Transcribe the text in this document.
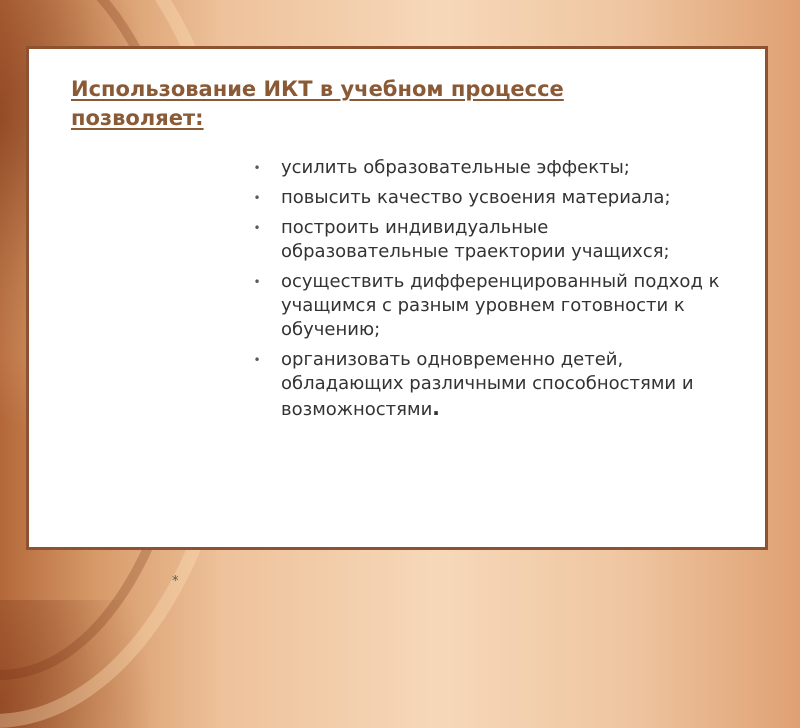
Использование ИКТ в учебном процессе позволяет:
• усилить образовательные эффекты;
• повысить качество усвоения материала;
• построить индивидуальные образовательные траектории учащихся;
• осуществить дифференцированный подход к учащимся с разным уровнем готовности к обучению;
• организовать одновременно детей, обладающих различными способностями и возможностями.
*
